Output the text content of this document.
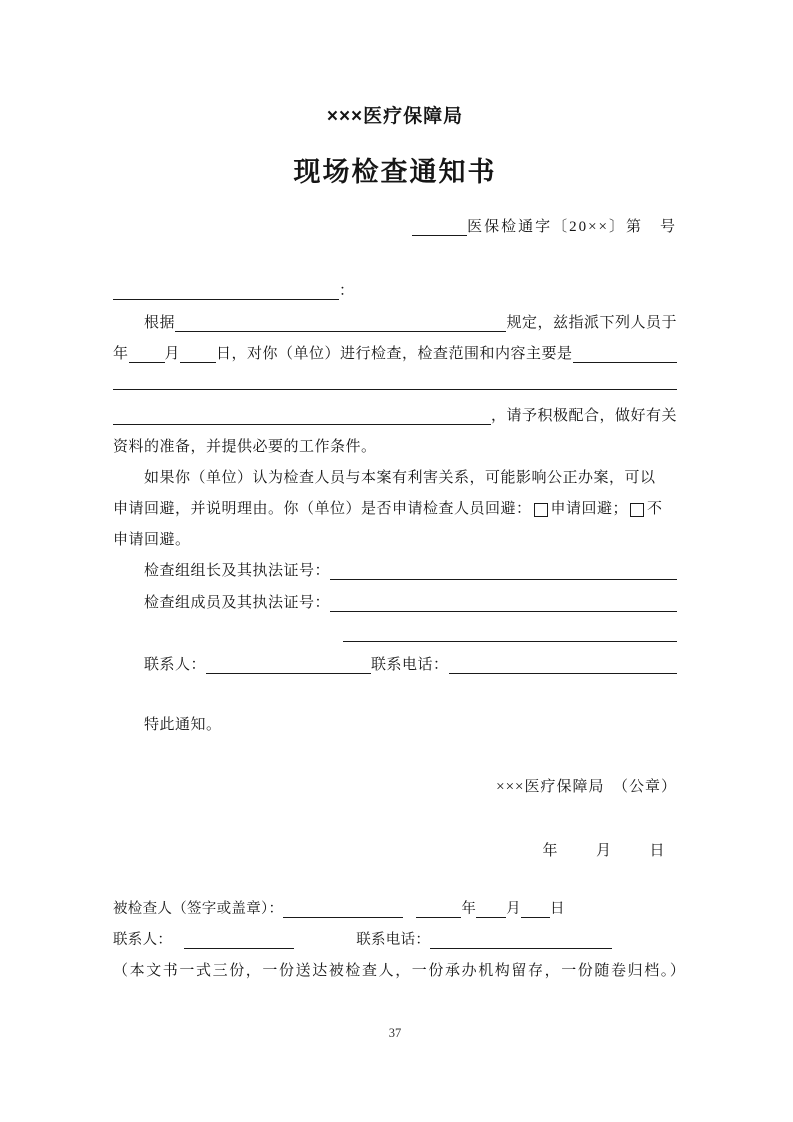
×××医疗保障局
现场检查通知书
医保检通字〔20××〕第　号
：
根据	规定，兹指派下列人员于
年 月 日，对你（单位）进行检查，检查范围和内容主要是
，请予积极配合，做好有关
资料的准备，并提供必要的工作条件。
如果你（单位）认为检查人员与本案有利害关系，可能影响公正办案，可以
申请回避，并说明理由。你（单位）是否申请检查人员回避： 申请回避； 不
申请回避。
检查组组长及其执法证号：
检查组成员及其执法证号：
联系人：	联系电话：
特此通知。
×××医疗保障局　（公章）
年	月	日
被检查人（签字或盖章）：	年 月 日
联系人：	联系电话：
（本文书一式三份，一份送达被检查人，一份承办机构留存，一份随卷归档。）
37
